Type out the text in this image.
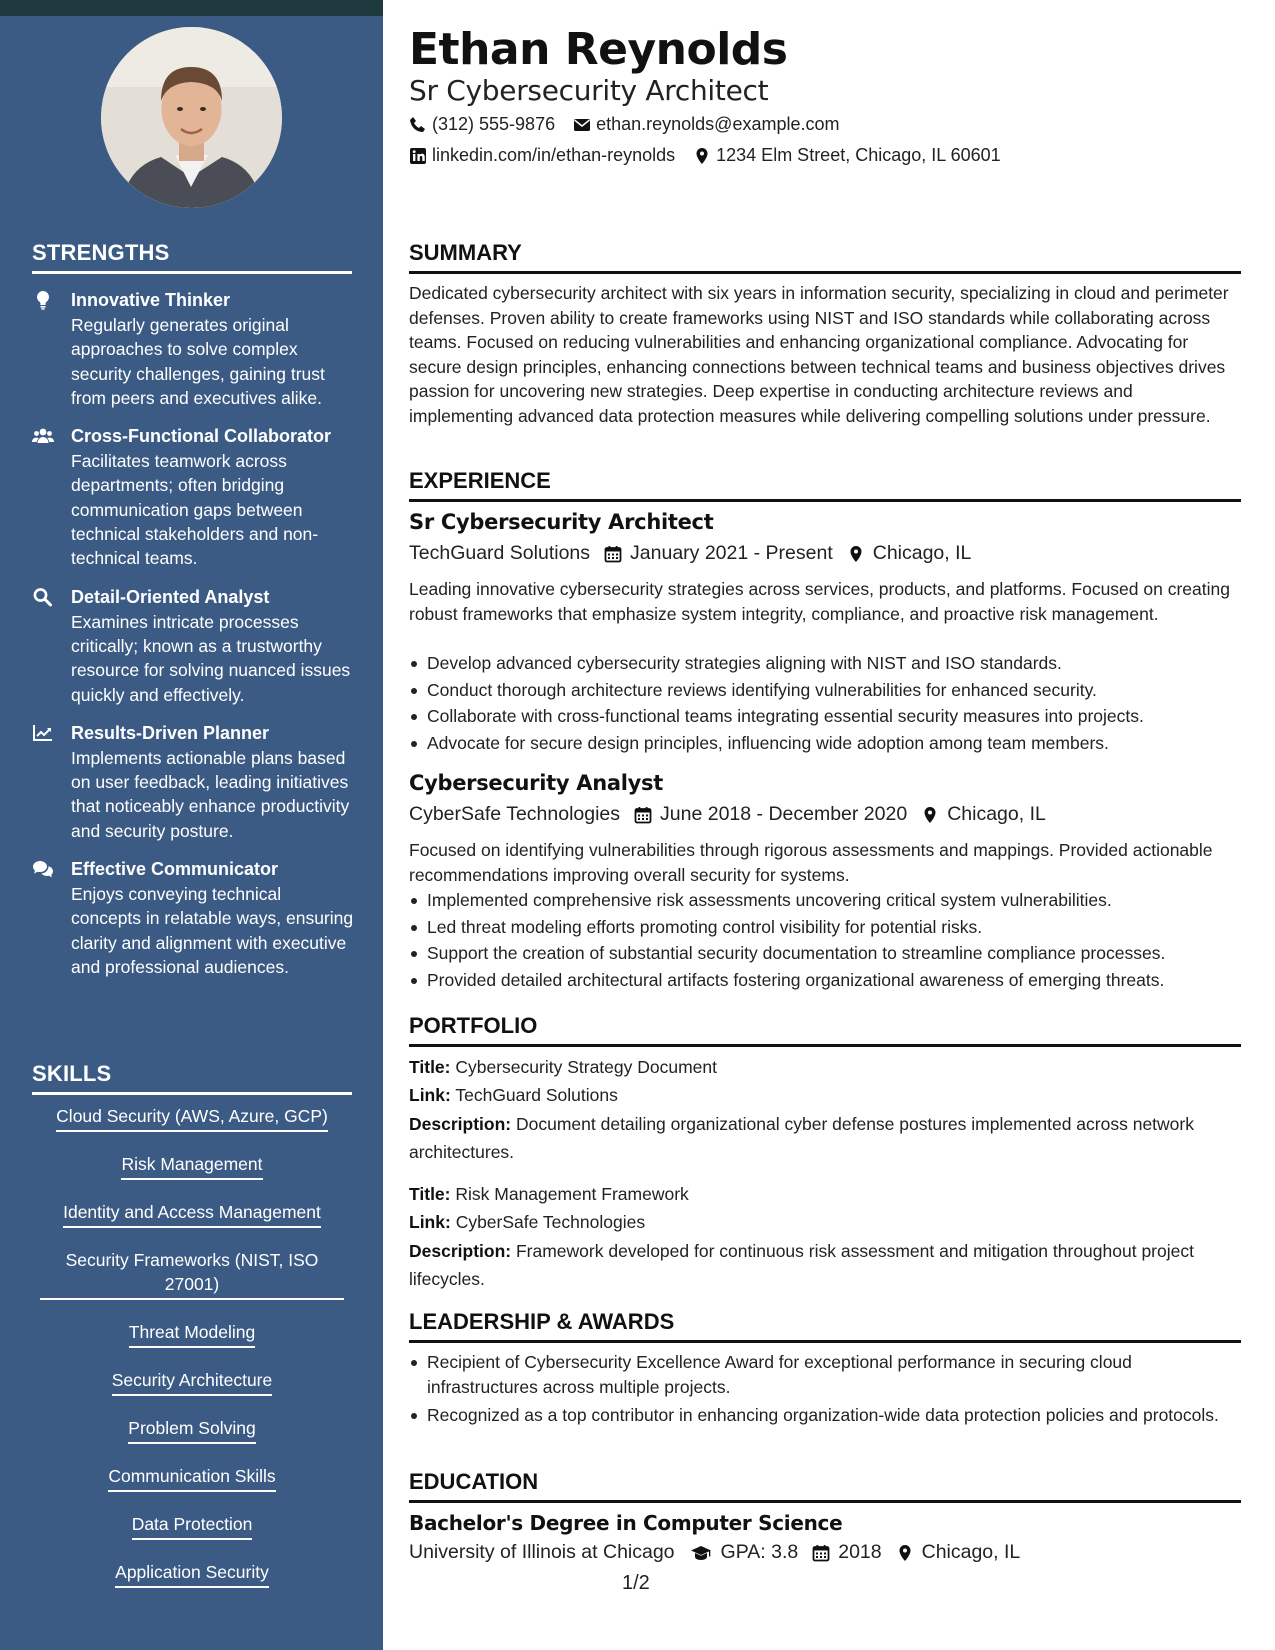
STRENGTHS
Innovative Thinker
Regularly generates original approaches to solve complex security challenges, gaining trust from peers and executives alike.
Cross-Functional Collaborator
Facilitates teamwork across departments; often bridging communication gaps between technical stakeholders and non-technical teams.
Detail-Oriented Analyst
Examines intricate processes critically; known as a trustworthy resource for solving nuanced issues quickly and effectively.
Results-Driven Planner
Implements actionable plans based on user feedback, leading initiatives that noticeably enhance productivity and security posture.
Effective Communicator
Enjoys conveying technical concepts in relatable ways, ensuring clarity and alignment with executive and professional audiences.
SKILLS
Cloud Security (AWS, Azure, GCP)
Risk Management
Identity and Access Management
Security Frameworks (NIST, ISO 27001)
Threat Modeling
Security Architecture
Problem Solving
Communication Skills
Data Protection
Application Security
Ethan Reynolds
Sr Cybersecurity Architect
(312) 555-9876 ethan.reynolds@example.com
linkedin.com/in/ethan-reynolds 1234 Elm Street, Chicago, IL 60601
SUMMARY
Dedicated cybersecurity architect with six years in information security, specializing in cloud and perimeter defenses. Proven ability to create frameworks using NIST and ISO standards while collaborating across teams. Focused on reducing vulnerabilities and enhancing organizational compliance. Advocating for secure design principles, enhancing connections between technical teams and business objectives drives passion for uncovering new strategies. Deep expertise in conducting architecture reviews and implementing advanced data protection measures while delivering compelling solutions under pressure.
EXPERIENCE
Sr Cybersecurity Architect
TechGuard Solutions January 2021 - Present Chicago, IL
Leading innovative cybersecurity strategies across services, products, and platforms. Focused on creating robust frameworks that emphasize system integrity, compliance, and proactive risk management.
Develop advanced cybersecurity strategies aligning with NIST and ISO standards.
Conduct thorough architecture reviews identifying vulnerabilities for enhanced security.
Collaborate with cross-functional teams integrating essential security measures into projects.
Advocate for secure design principles, influencing wide adoption among team members.
Cybersecurity Analyst
CyberSafe Technologies June 2018 - December 2020 Chicago, IL
Focused on identifying vulnerabilities through rigorous assessments and mappings. Provided actionable recommendations improving overall security for systems.
Implemented comprehensive risk assessments uncovering critical system vulnerabilities.
Led threat modeling efforts promoting control visibility for potential risks.
Support the creation of substantial security documentation to streamline compliance processes.
Provided detailed architectural artifacts fostering organizational awareness of emerging threats.
PORTFOLIO
Title: Cybersecurity Strategy Document
Link: TechGuard Solutions
Description: Document detailing organizational cyber defense postures implemented across network architectures.
Title: Risk Management Framework
Link: CyberSafe Technologies
Description: Framework developed for continuous risk assessment and mitigation throughout project lifecycles.
LEADERSHIP & AWARDS
Recipient of Cybersecurity Excellence Award for exceptional performance in securing cloud infrastructures across multiple projects.
Recognized as a top contributor in enhancing organization-wide data protection policies and protocols.
EDUCATION
Bachelor's Degree in Computer Science
University of Illinois at Chicago GPA: 3.8 2018 Chicago, IL
1/2
